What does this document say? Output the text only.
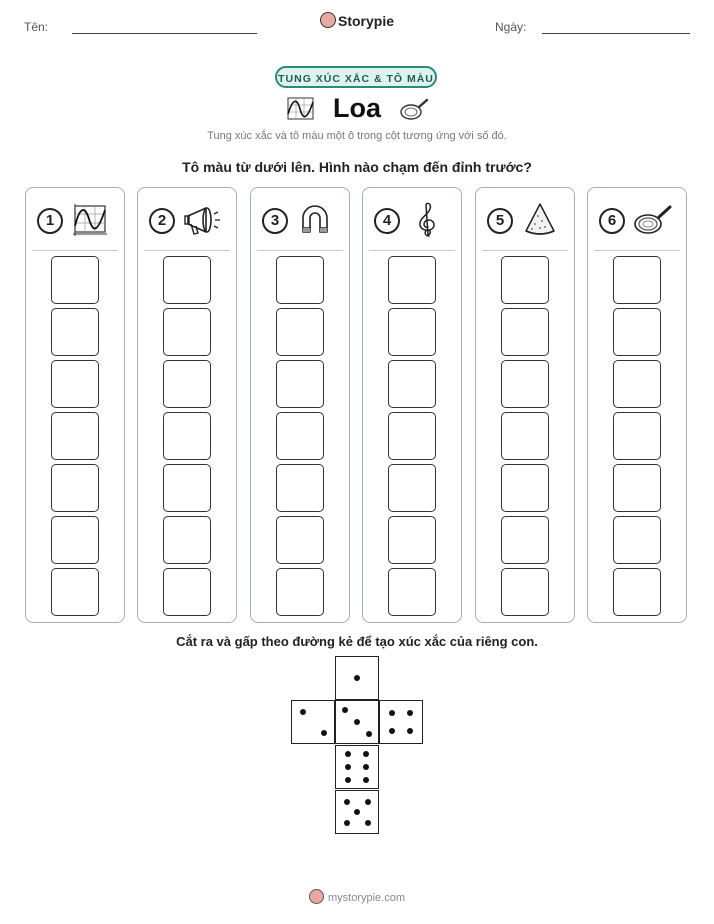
Tên:	Storypie	Ngày:
TUNG XÚC XẮC & TÔ MÀU
Loa
Tung xúc xắc và tô màu một ô trong cột tương ứng với số đó.
Tô màu từ dưới lên. Hình nào chạm đến đỉnh trước?
1	2	3	4	5	6
Cắt ra và gấp theo đường kẻ để tạo xúc xắc của riêng con.
mystorypie.com
